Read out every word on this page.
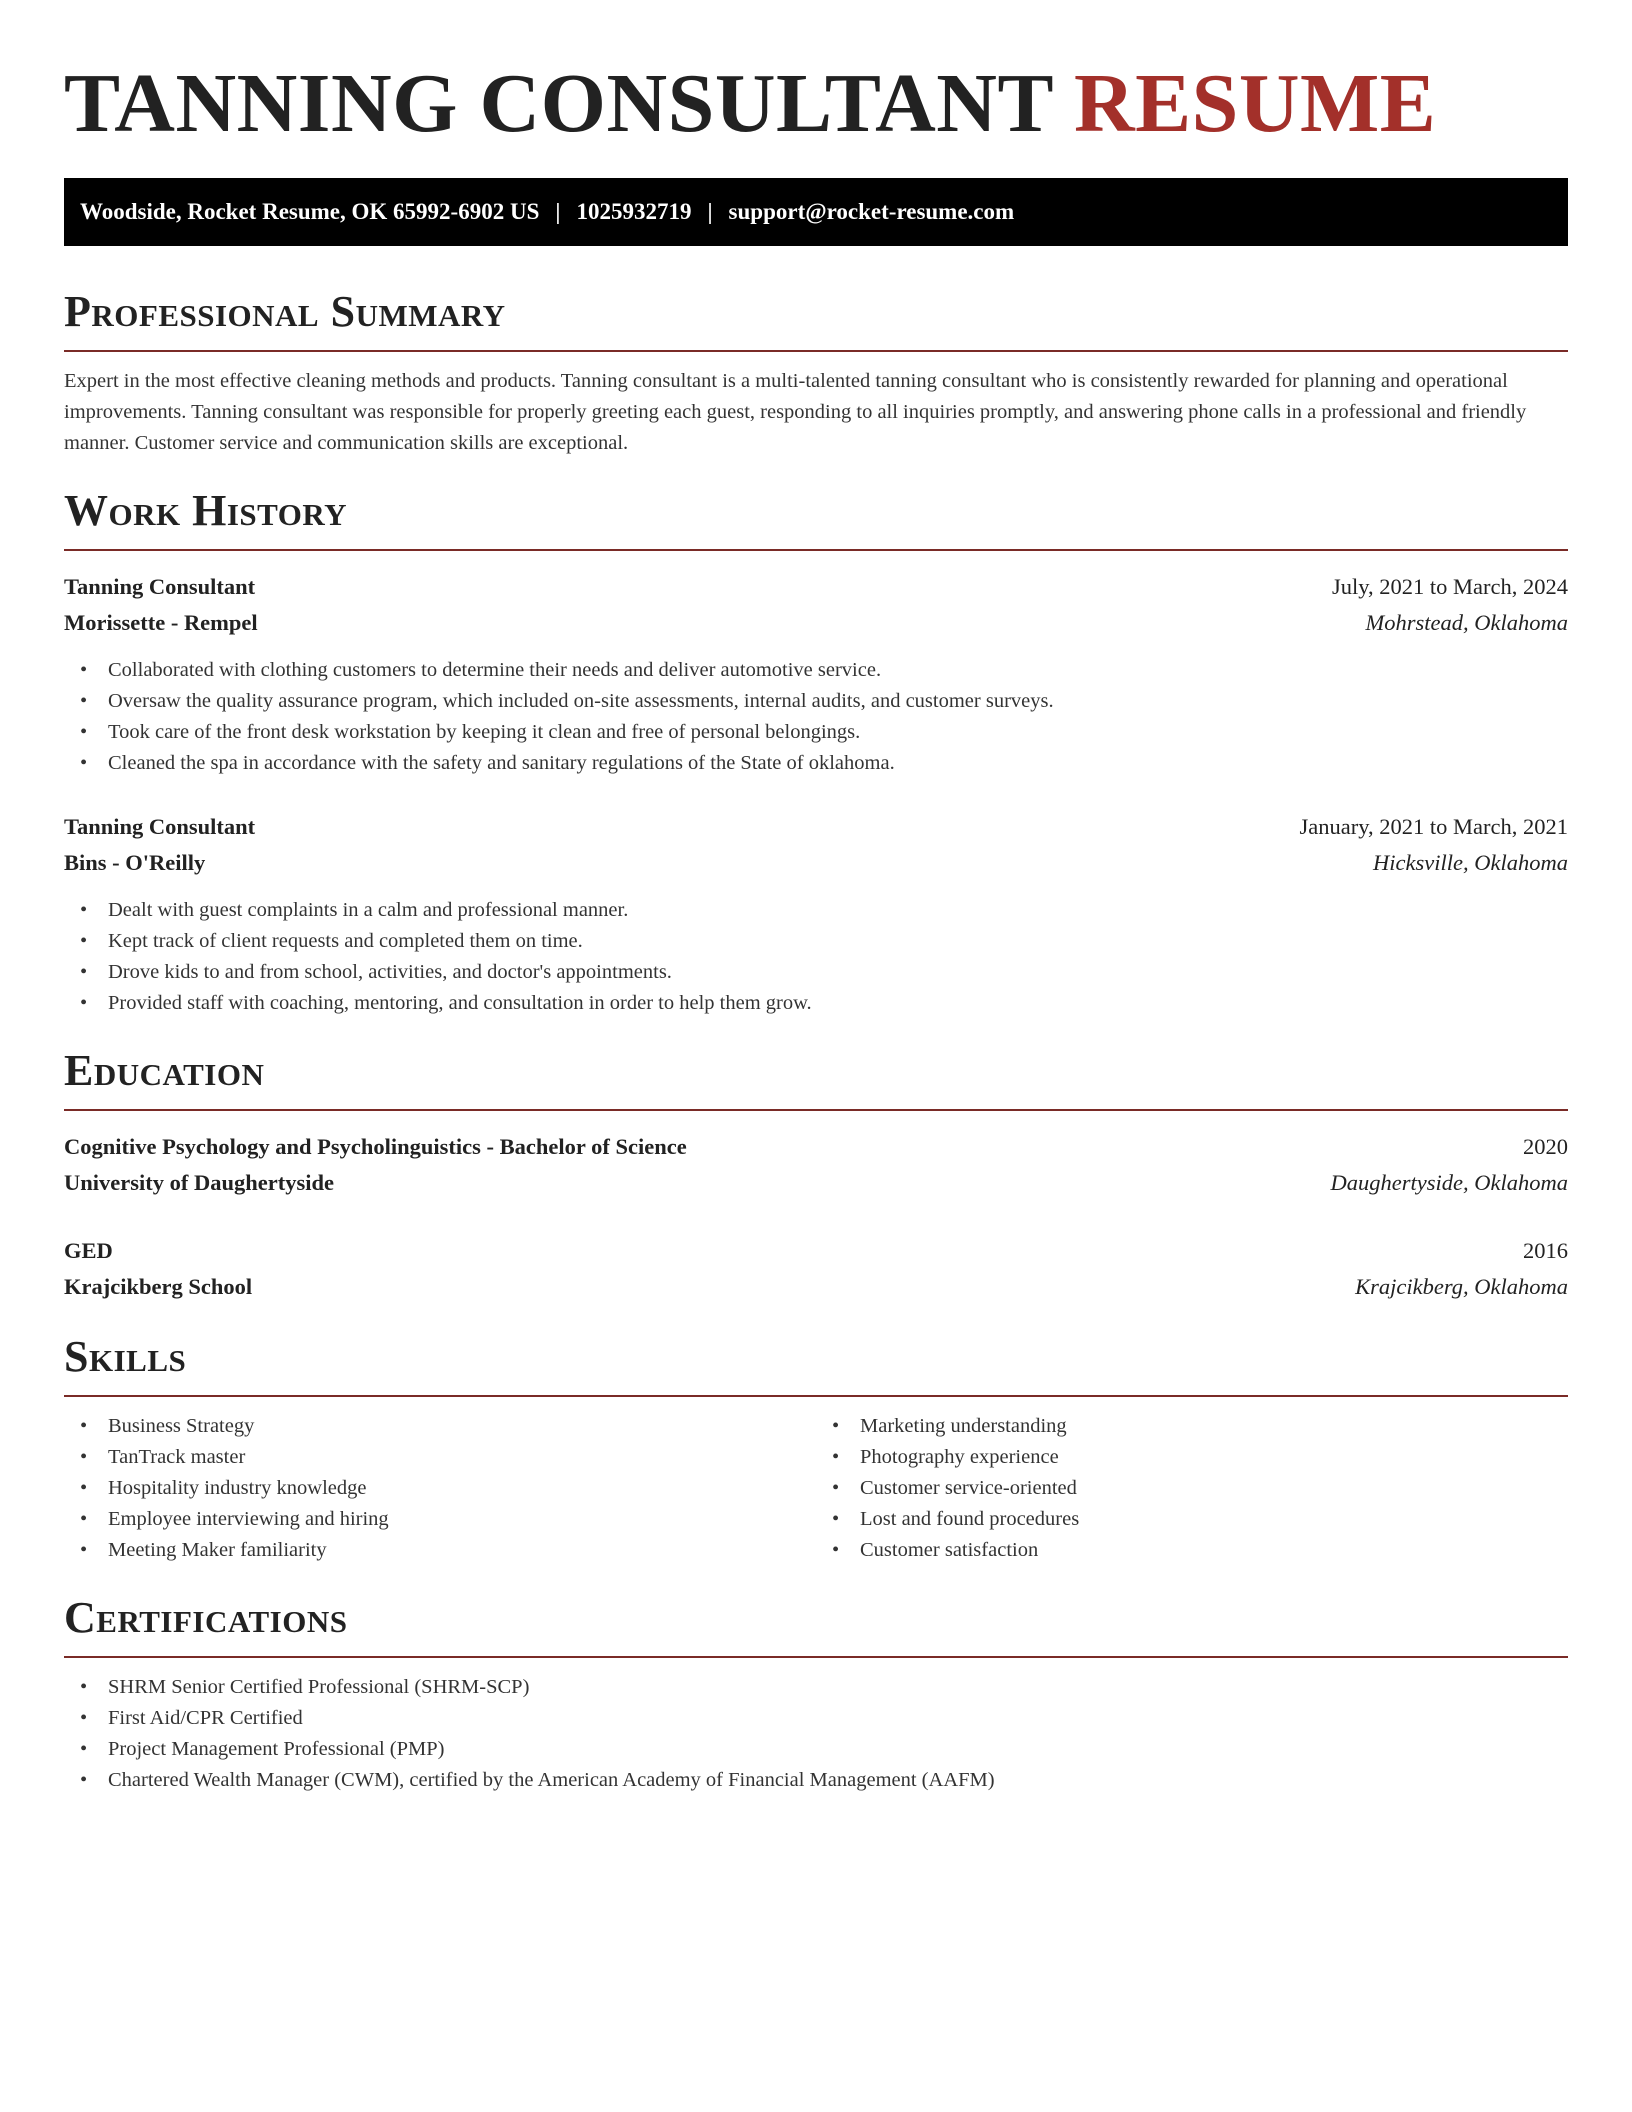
TANNING CONSULTANT RESUME
Woodside, Rocket Resume, OK 65992-6902 US | 1025932719 | support@rocket-resume.com
Professional Summary

Expert in the most effective cleaning methods and products. Tanning consultant is a multi-talented tanning consultant who is consistently rewarded for planning and operational improvements. Tanning consultant was responsible for properly greeting each guest, responding to all inquiries promptly, and answering phone calls in a professional and friendly manner. Customer service and communication skills are exceptional.

Work History
Tanning Consultant	July, 2021 to March, 2024
Morissette - Rempel	Mohrstead, Oklahoma
• Collaborated with clothing customers to determine their needs and deliver automotive service.
• Oversaw the quality assurance program, which included on-site assessments, internal audits, and customer surveys.
• Took care of the front desk workstation by keeping it clean and free of personal belongings.
• Cleaned the spa in accordance with the safety and sanitary regulations of the State of oklahoma.
Tanning Consultant	January, 2021 to March, 2021
Bins - O'Reilly	Hicksville, Oklahoma
• Dealt with guest complaints in a calm and professional manner.
• Kept track of client requests and completed them on time.
• Drove kids to and from school, activities, and doctor's appointments.
• Provided staff with coaching, mentoring, and consultation in order to help them grow.
Education
Cognitive Psychology and Psycholinguistics - Bachelor of Science	2020
University of Daughertyside	Daughertyside, Oklahoma
GED	2016
Krajcikberg School	Krajcikberg, Oklahoma
Skills
• Business Strategy
• TanTrack master
• Hospitality industry knowledge
• Employee interviewing and hiring
• Meeting Maker familiarity
• Marketing understanding
• Photography experience
• Customer service-oriented
• Lost and found procedures
• Customer satisfaction
Certifications
• SHRM Senior Certified Professional (SHRM-SCP)
• First Aid/CPR Certified
• Project Management Professional (PMP)
• Chartered Wealth Manager (CWM), certified by the American Academy of Financial Management (AAFM)
